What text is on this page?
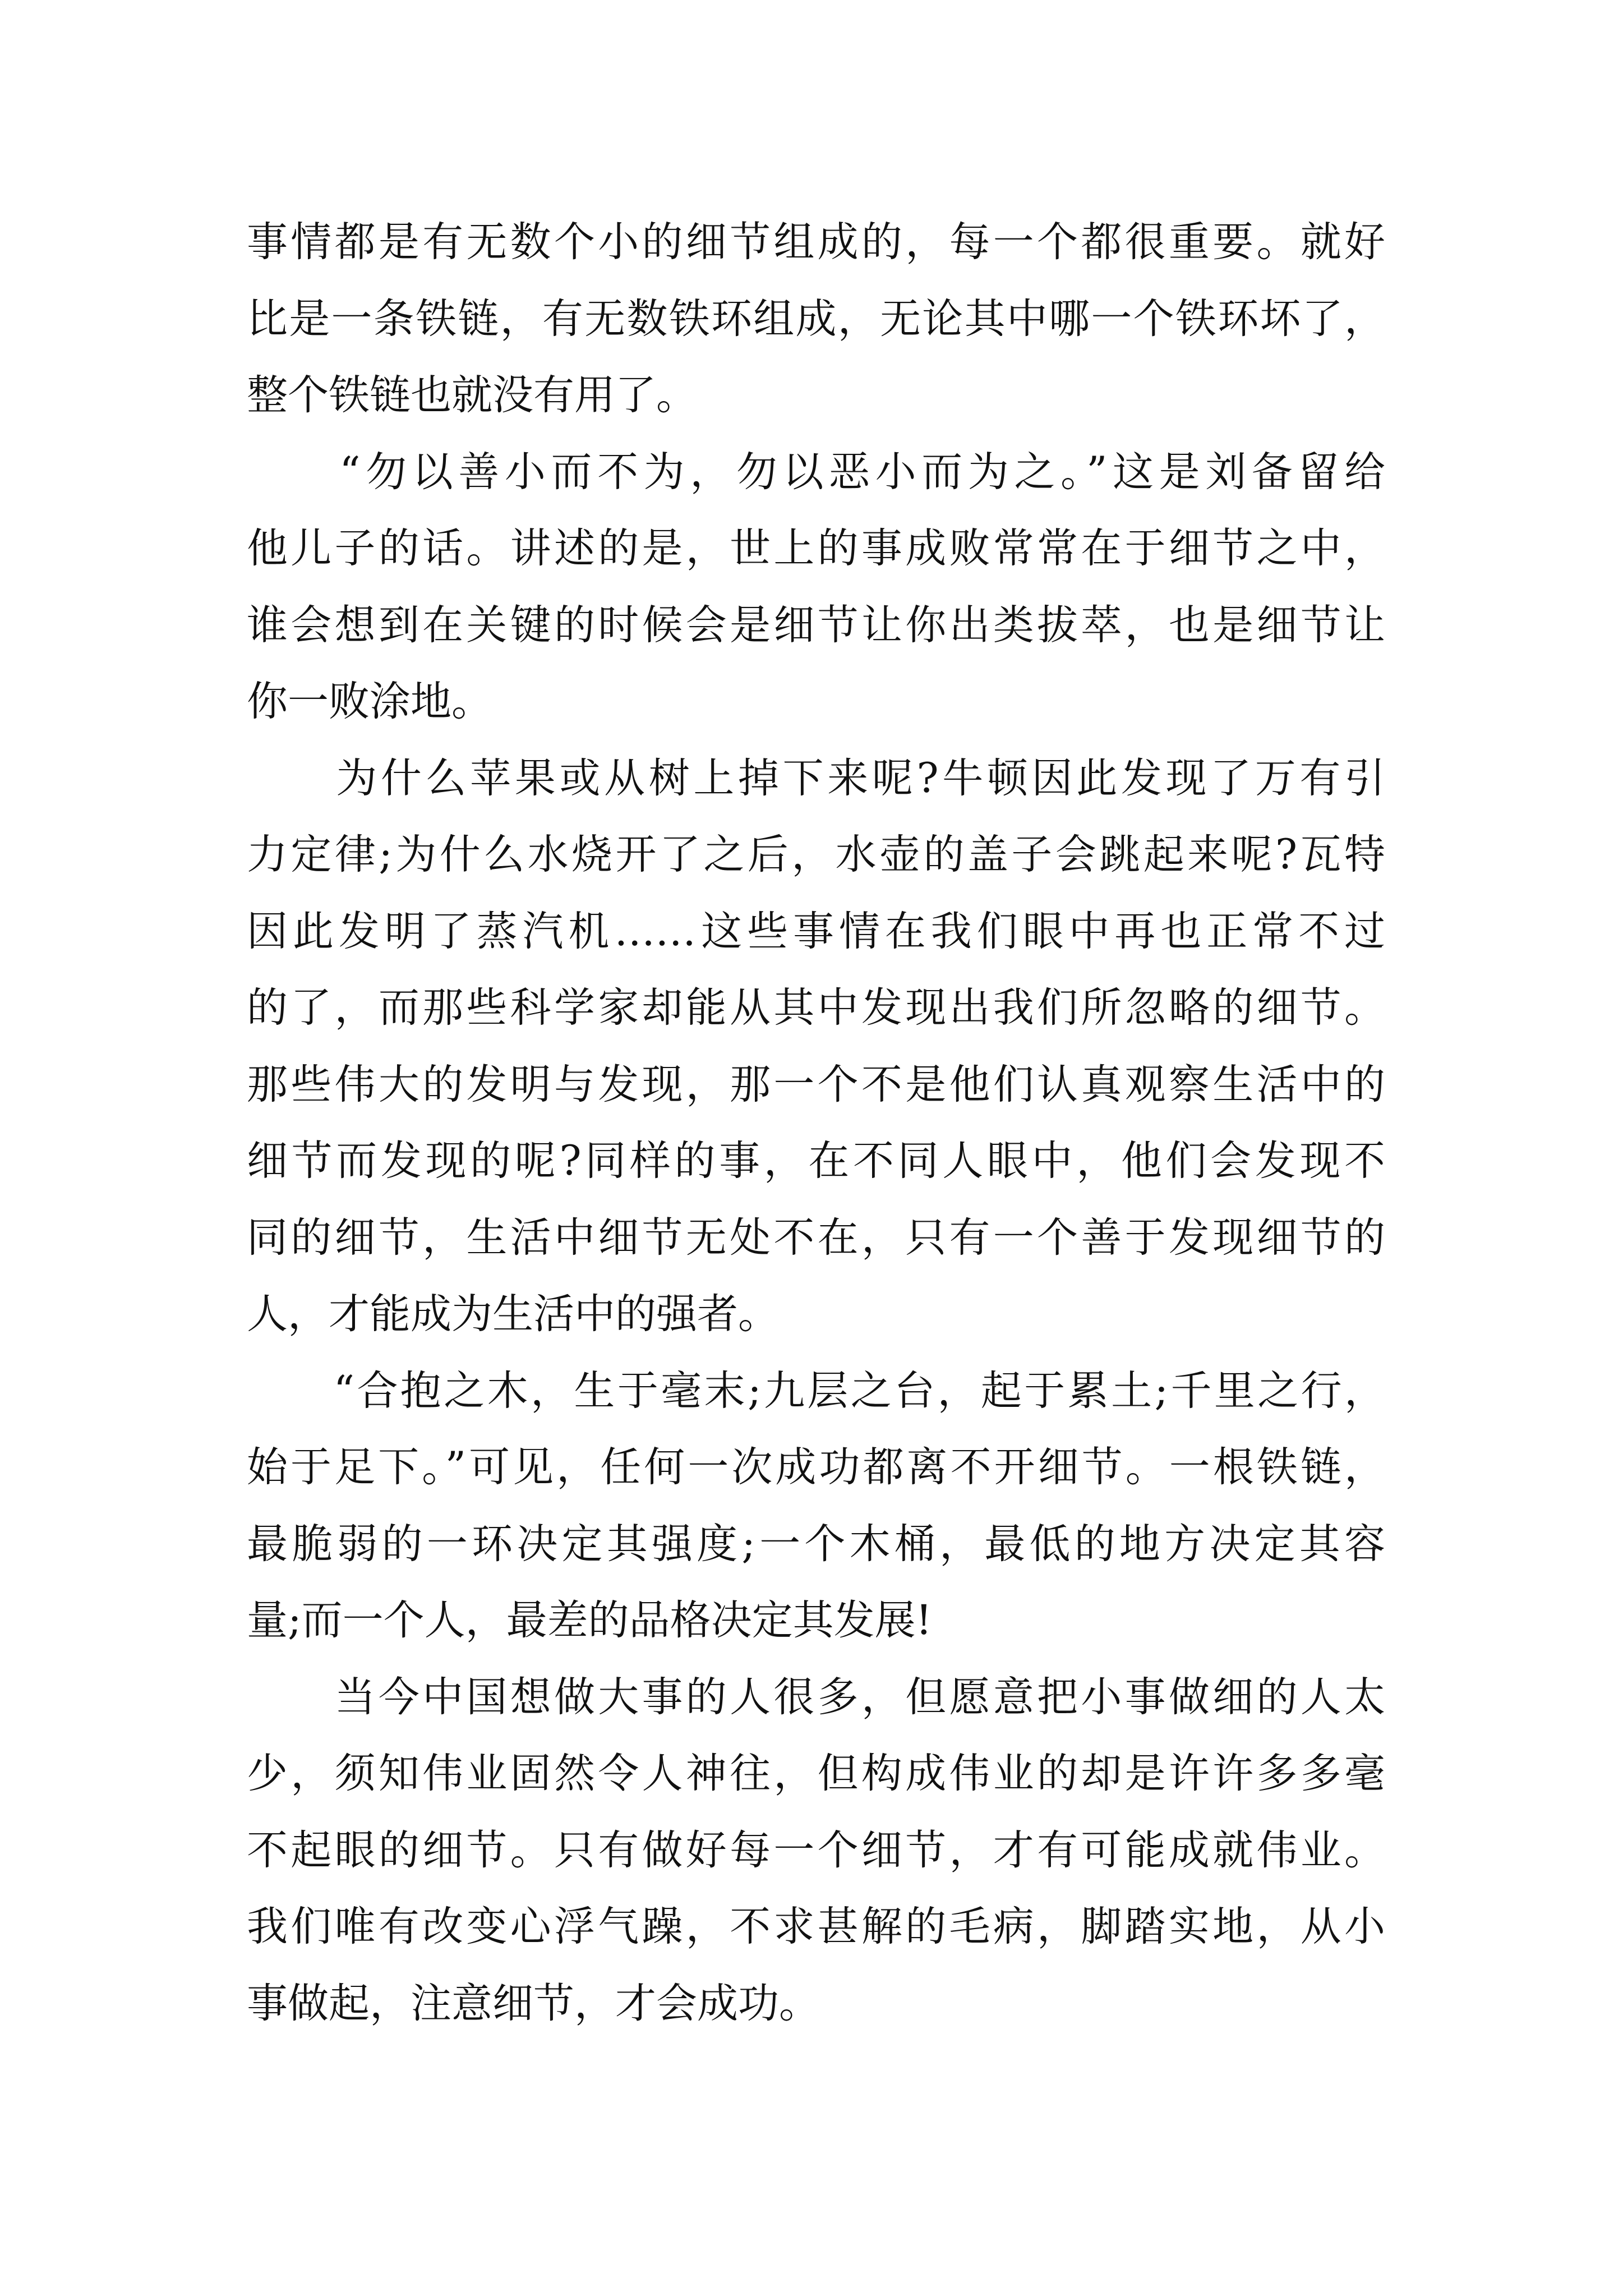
事情都是有无数个小的细节组成的，每一个都很重要。就好
比是一条铁链，有无数铁环组成，无论其中哪一个铁环坏了，
整个铁链也就没有用了。
　　“勿以善小而不为，勿以恶小而为之。”这是刘备留给
他儿子的话。讲述的是，世上的事成败常常在于细节之中，
谁会想到在关键的时候会是细节让你出类拔萃，也是细节让
你一败涂地。
　　为什么苹果或从树上掉下来呢?牛顿因此发现了万有引
力定律;为什么水烧开了之后，水壶的盖子会跳起来呢?瓦特
因此发明了蒸汽机……这些事情在我们眼中再也正常不过
的了，而那些科学家却能从其中发现出我们所忽略的细节。
那些伟大的发明与发现，那一个不是他们认真观察生活中的
细节而发现的呢?同样的事，在不同人眼中，他们会发现不
同的细节，生活中细节无处不在，只有一个善于发现细节的
人，才能成为生活中的强者。
　　“合抱之木，生于毫末;九层之台，起于累土;千里之行，
始于足下。”可见，任何一次成功都离不开细节。一根铁链，
最脆弱的一环决定其强度;一个木桶，最低的地方决定其容
量;而一个人，最差的品格决定其发展!
　　当今中国想做大事的人很多，但愿意把小事做细的人太
少，须知伟业固然令人神往，但构成伟业的却是许许多多毫
不起眼的细节。只有做好每一个细节，才有可能成就伟业。
我们唯有改变心浮气躁，不求甚解的毛病，脚踏实地，从小
事做起，注意细节，才会成功。
